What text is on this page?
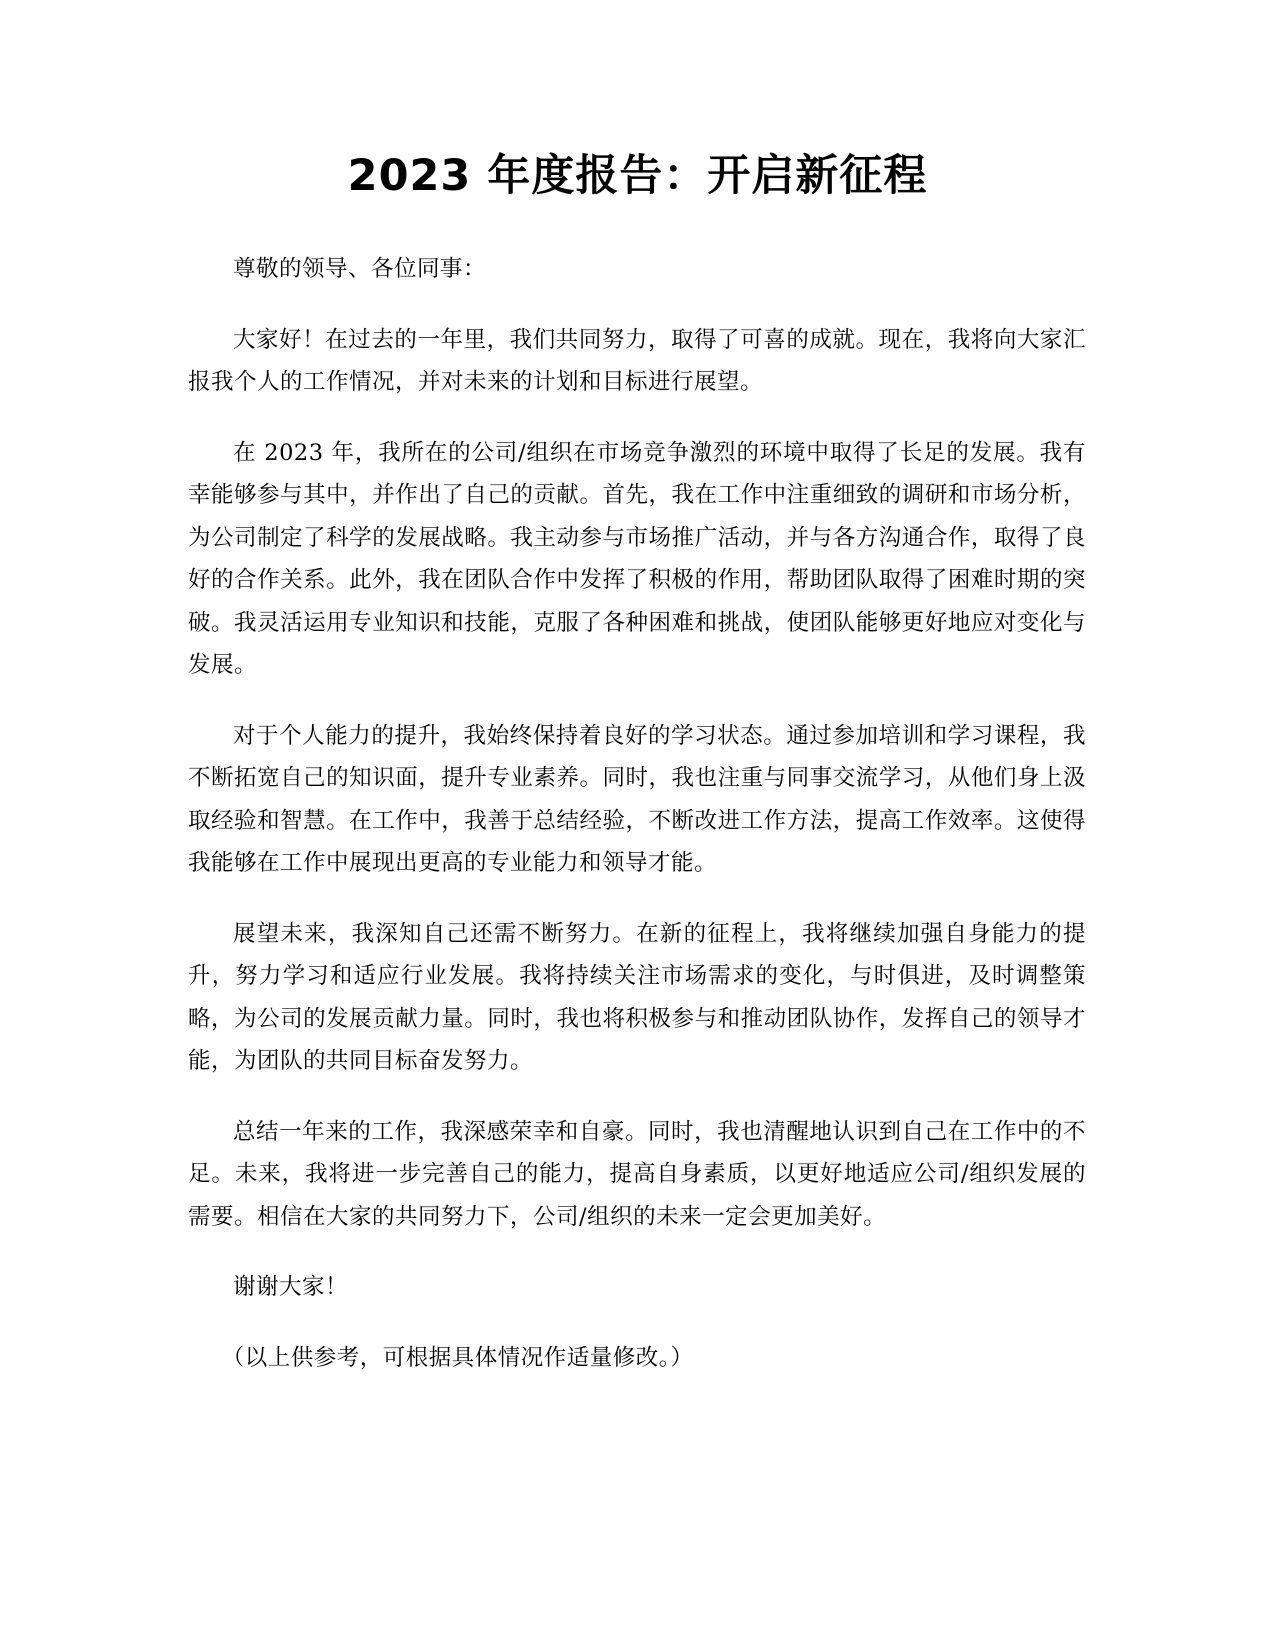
2023 年度报告：开启新征程

尊敬的领导、各位同事：

大家好！在过去的一年里，我们共同努力，取得了可喜的成就。现在，我将向大家汇报我个人的工作情况，并对未来的计划和目标进行展望。

在 2023 年，我所在的公司/组织在市场竞争激烈的环境中取得了长足的发展。我有幸能够参与其中，并作出了自己的贡献。首先，我在工作中注重细致的调研和市场分析，为公司制定了科学的发展战略。我主动参与市场推广活动，并与各方沟通合作，取得了良好的合作关系。此外，我在团队合作中发挥了积极的作用，帮助团队取得了困难时期的突破。我灵活运用专业知识和技能，克服了各种困难和挑战，使团队能够更好地应对变化与发展。

对于个人能力的提升，我始终保持着良好的学习状态。通过参加培训和学习课程，我不断拓宽自己的知识面，提升专业素养。同时，我也注重与同事交流学习，从他们身上汲取经验和智慧。在工作中，我善于总结经验，不断改进工作方法，提高工作效率。这使得我能够在工作中展现出更高的专业能力和领导才能。

展望未来，我深知自己还需不断努力。在新的征程上，我将继续加强自身能力的提升，努力学习和适应行业发展。我将持续关注市场需求的变化，与时俱进，及时调整策略，为公司的发展贡献力量。同时，我也将积极参与和推动团队协作，发挥自己的领导才能，为团队的共同目标奋发努力。

总结一年来的工作，我深感荣幸和自豪。同时，我也清醒地认识到自己在工作中的不足。未来，我将进一步完善自己的能力，提高自身素质，以更好地适应公司/组织发展的需要。相信在大家的共同努力下，公司/组织的未来一定会更加美好。

谢谢大家！

（以上供参考，可根据具体情况作适量修改。）
